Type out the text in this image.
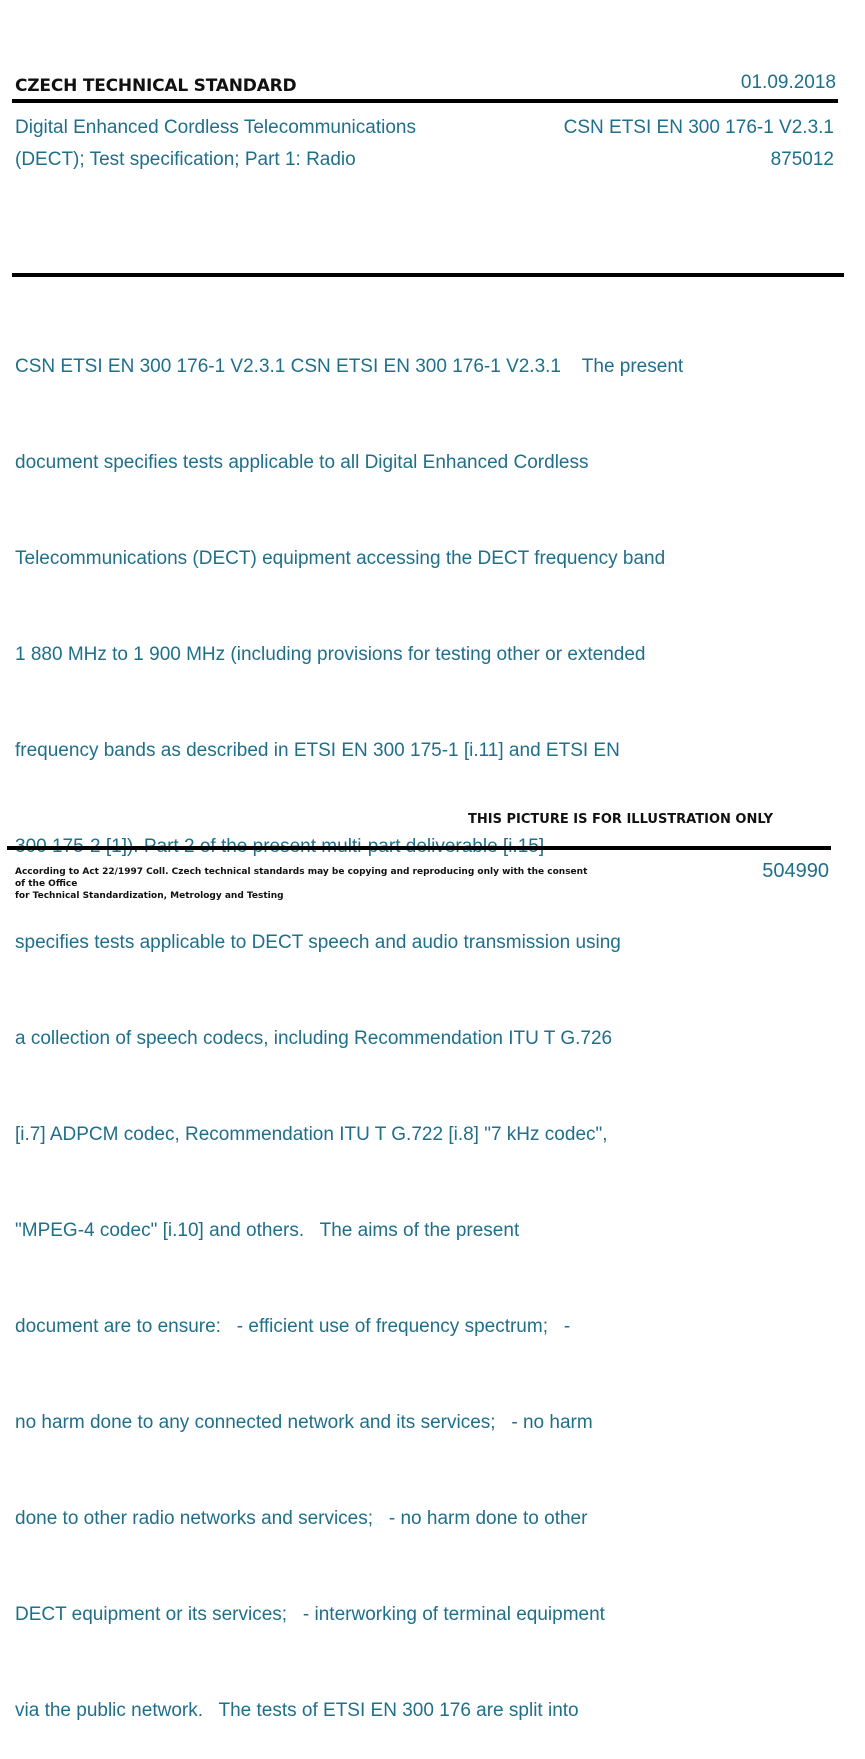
CZECH TECHNICAL STANDARD	01.09.2018
Digital Enhanced Cordless Telecommunications
(DECT); Test specification; Part 1: Radio
CSN ETSI EN 300 176-1 V2.3.1
875012

CSN ETSI EN 300 176-1 V2.3.1 CSN ETSI EN 300 176-1 V2.3.1    The present

document specifies tests applicable to all Digital Enhanced Cordless

Telecommunications (DECT) equipment accessing the DECT frequency band

1 880 MHz to 1 900 MHz (including provisions for testing other or extended

frequency bands as described in ETSI EN 300 175-1 [i.11] and ETSI EN

specifies tests applicable to DECT speech and audio transmission using

a collection of speech codecs, including Recommendation ITU T G.726

[i.7] ADPCM codec, Recommendation ITU T G.722 [i.8] "7 kHz codec",

"MPEG-4 codec" [i.10] and others.   The aims of the present

document are to ensure:   - efficient use of frequency spectrum;   -

no harm done to any connected network and its services;   - no harm

done to other radio networks and services;   - no harm done to other

DECT equipment or its services;   - interworking of terminal equipment

via the public network.   The tests of ETSI EN 300 176 are split into

THIS PICTURE IS FOR ILLUSTRATION ONLY
According to Act 22/1997 Coll. Czech technical standards may be copying and reproducing only with the consent of the Office
for Technical Standardization, Metrology and Testing
504990
